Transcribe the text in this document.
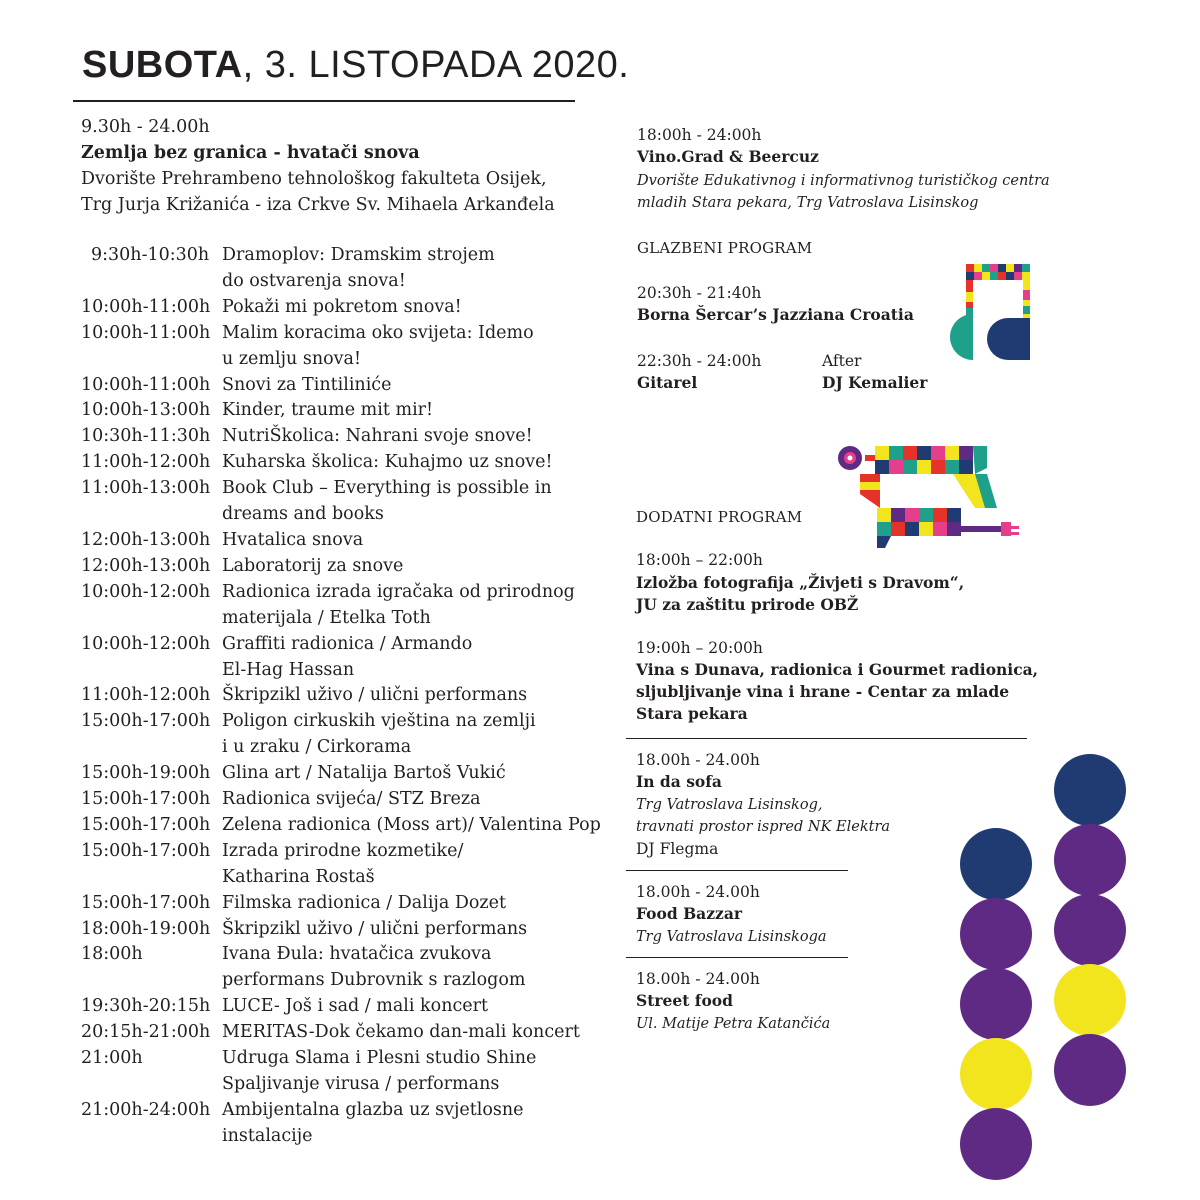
SUBOTA, 3. LISTOPADA 2020.
9.30h - 24.00h
Zemlja bez granica - hvatači snova
Dvorište Prehrambeno tehnološkog fakulteta Osijek,
Trg Jurja Križanića - iza Crkve Sv. Mihaela Arkanđela
9:30h-10:30h Dramoplov: Dramskim strojem
do ostvarenja snova!
10:00h-11:00h Pokaži mi pokretom snova!
10:00h-11:00h Malim koracima oko svijeta: Idemo
u zemlju snova!
10:00h-11:00h Snovi za Tintiliniće
10:00h-13:00h Kinder, traume mit mir!
10:30h-11:30h NutriŠkolica: Nahrani svoje snove!
11:00h-12:00h Kuharska školica: Kuhajmo uz snove!
11:00h-13:00h Book Club – Everything is possible in
dreams and books
12:00h-13:00h Hvatalica snova
12:00h-13:00h Laboratorij za snove
10:00h-12:00h Radionica izrada igračaka od prirodnog
materijala / Etelka Toth
10:00h-12:00h Graffiti radionica / Armando
El-Hag Hassan
11:00h-12:00h Škripzikl uživo / ulični performans
15:00h-17:00h Poligon cirkuskih vještina na zemlji
i u zraku / Cirkorama
15:00h-19:00h Glina art / Natalija Bartoš Vukić
15:00h-17:00h Radionica svijeća/ STZ Breza
15:00h-17:00h Zelena radionica (Moss art)/ Valentina Pop
15:00h-17:00h Izrada prirodne kozmetike/
Katharina Rostaš
15:00h-17:00h Filmska radionica / Dalija Dozet
18:00h-19:00h Škripzikl uživo / ulični performans
18:00h	Ivana Đula: hvatačica zvukova
performans Dubrovnik s razlogom
19:30h-20:15h LUCE- Još i sad / mali koncert
20:15h-21:00h MERITAS-Dok čekamo dan-mali koncert
21:00h	Udruga Slama i Plesni studio Shine
Spaljivanje virusa / performans
21:00h-24:00h Ambijentalna glazba uz svjetlosne
instalacije
18:00h - 24:00h
Vino.Grad & Beercuz
Dvorište Edukativnog i informativnog turističkog centra
mladih Stara pekara, Trg Vatroslava Lisinskog
GLAZBENI PROGRAM
20:30h - 21:40h
Borna Šercar’s Jazziana Croatia
22:30h - 24:00h
Gitarel
After
DJ Kemalier
DODATNI PROGRAM
18:00h – 22:00h
Izložba fotografija „Živjeti s Dravom“,
JU za zaštitu prirode OBŽ
19:00h – 20:00h
Vina s Dunava, radionica i Gourmet radionica,
sljubljivanje vina i hrane - Centar za mlade
Stara pekara
18.00h - 24.00h
In da sofa
Trg Vatroslava Lisinskog,
travnati prostor ispred NK Elektra
DJ Flegma
18.00h - 24.00h
Food Bazzar
Trg Vatroslava Lisinskoga
18.00h - 24.00h
Street food
Ul. Matije Petra Katančića
